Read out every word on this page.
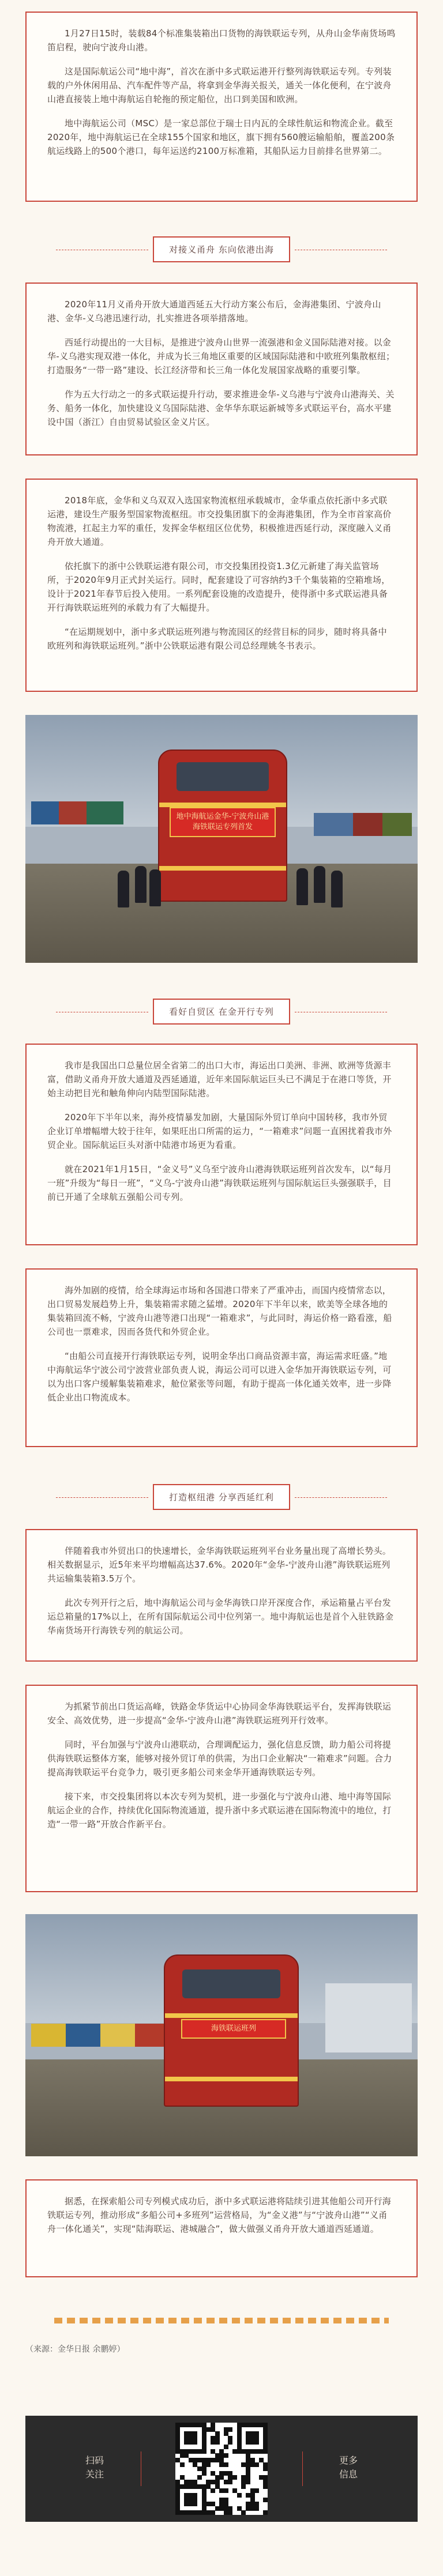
1月27日15时，装载84个标准集装箱出口货物的海铁联运专列，从舟山金华南货场鸣笛启程，驶向宁波舟山港。

这是国际航运公司“地中海”，首次在浙中多式联运港开行整列海铁联运专列。专列装载的户外休闲用品、汽车配件等产品，将拿到金华海关报关，通关一体化便利，在宁波舟山港直接装上地中海航运自轮拖的预定船位，出口到美国和欧洲。

地中海航运公司（MSC）是一家总部位于瑞士日内瓦的全球性航运和物流企业。截至2020年，地中海航运已在全球155个国家和地区，旗下拥有560艘运输船舶，覆盖200条航运线路上的500个港口，每年运送约2100万标准箱，其船队运力目前排名世界第二。

对接义甬舟 东向依港出海

2020年11月义甬舟开放大通道西延五大行动方案公布后，金海港集团、宁波舟山港、金华-义乌港迅速行动，扎实推进各项举措落地。

西延行动提出的一大目标，是推进宁波舟山世界一流强港和金义国际陆港对接。以金华-义乌港实现双港一体化，并成为长三角地区重要的区域国际陆港和中欧班列集散枢纽；打造服务“一带一路”建设、长江经济带和长三角一体化发展国家战略的重要引擎。

作为五大行动之一的多式联运提升行动，要求推进金华-义乌港与宁波舟山港海关、关务、船务一体化，加快建设义乌国际陆港、金华华东联运新城等多式联运平台，高水平建设中国（浙江）自由贸易试验区金义片区。

2018年底，金华和义乌双双入选国家物流枢纽承载城市，金华重点依托浙中多式联运港，建设生产服务型国家物流枢纽。市交投集团旗下的金海港集团，作为全市首家高价物流港，扛起主力军的重任，发挥金华枢纽区位优势，积极推进西延行动，深度融入义甬舟开放大通道。

依托旗下的浙中公铁联运港有限公司，市交投集团投资1.3亿元新建了海关监管场所，于2020年9月正式封关运行。同时，配套建设了可容纳约3千个集装箱的空箱堆场，设计于2021年春节后投入使用。一系列配套设施的改造提升，使得浙中多式联运港具备开行海铁联运班列的承载力有了大幅提升。

“在运期规划中，浙中多式联运班列港与物流园区的经营目标的同步，随时将具备中欧班列和海铁联运班列。”浙中公铁联运港有限公司总经理姚冬书表示。

地中海航运金华-宁波舟山港海铁联运专列首发
看好自贸区 在金开行专列

我市是我国出口总量位居全省第二的出口大市，海运出口美洲、非洲、欧洲等货源丰富，借助义甬舟开放大通道及西延通道，近年来国际航运巨头已不满足于在港口等货，开始主动把目光和触角伸向内陆型国际陆港。

2020年下半年以来，海外疫情暴发加剧，大量国际外贸订单向中国转移，我市外贸企业订单增幅增大较于往年，如果旺出口所需的运力，“一箱难求”问题一直困扰着我市外贸企业。国际航运巨头对浙中陆港市场更为看重。

就在2021年1月15日，“金义号”义乌至宁波舟山港海铁联运班列首次发车，以“每月一班”升级为“每日一班”，“义乌-宁波舟山港”海铁联运班列与国际航运巨头强强联手，目前已开通了全球航五强船公司专列。

海外加剧的疫情，给全球海运市场和各国港口带来了严重冲击，而国内疫情常态以，出口贸易发展趋势上升，集装箱需求随之猛增。2020年下半年以来，欧美等全球各地的集装箱回流不畅，宁波舟山港等港口出现“一箱难求”，与此同时，海运价格一路看涨，船公司也一票难求，因而各货代和外贸企业。

“由船公司直接开行海铁联运专列，说明金华出口商品资源丰富，海运需求旺盛。”地中海航运华宁波公司宁波营业部负责人说，海运公司可以进入金华加开海铁联运专列，可以为出口客户缓解集装箱难求，舱位紧张等问题，有助于提高一体化通关效率，进一步降低企业出口物流成本。

打造枢纽港 分享西延红利

伴随着我市外贸出口的快速增长，金华海铁联运班列平台业务量出现了高增长势头。相关数据显示，近5年来平均增幅高达37.6%。2020年“金华-宁波舟山港”海铁联运班列共运输集装箱3.5万个。

此次专列开行之后，地中海航运公司与金华海铁口岸开深度合作，承运箱量占平台发运总箱量的17%以上，在所有国际航运公司中位列第一。地中海航运也是首个入驻铁路金华南货场开行海铁专列的航运公司。

为抓紧节前出口货运高峰，铁路金华货运中心协同金华海铁联运平台，发挥海铁联运安全、高效优势，进一步提高“金华-宁波舟山港”海铁联运班列开行效率。

同时，平台加强与宁波舟山港联动，合理调配运力，强化信息反馈，助力船公司将提供海铁联运整体方案，能够对接外贸订单的供需，为出口企业解决“一箱难求”问题。合力提高海铁联运平台竞争力，吸引更多船公司来金华开通海铁联运专列。

接下来，市交投集团将以本次专列为契机，进一步强化与宁波舟山港、地中海等国际航运企业的合作，持续优化国际物流通道，提升浙中多式联运港在国际物流中的地位，打造“一带一路”开放合作新平台。

海铁联运班列

据悉，在探索船公司专列模式成功后，浙中多式联运港将陆续引进其他船公司开行海铁联运专列，推动形成“多船公司+多班列”运营格局，为“金义港”与“宁波舟山港”“义甬舟一体化通关”，实现“陆海联运、港城融合”，做大做强义甬舟开放大通道西延通道。

（来源：金华日报 余鹏婷）
扫码
关注
更多
信息
